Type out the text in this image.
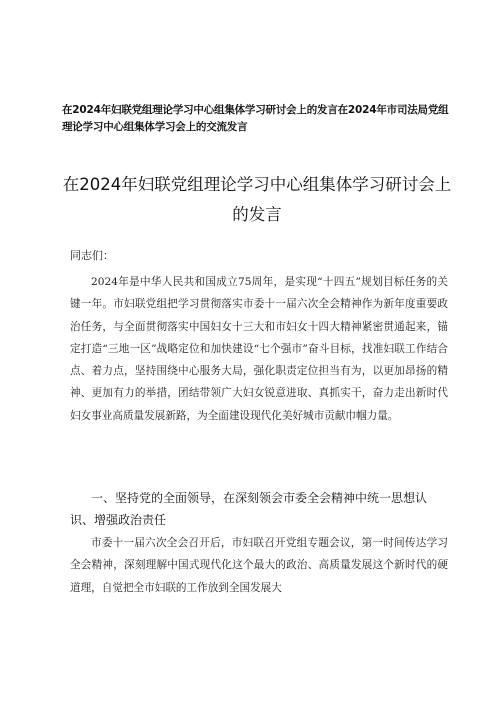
在2024年妇联党组理论学习中心组集体学习研讨会上的发言在2024年市司法局党组理论学习中心组集体学习会上的交流发言
在2024年妇联党组理论学习中心组集体学习研讨会上的发言
同志们：

2024年是中华人民共和国成立75周年，是实现“十四五”规划目标任务的关键一年。市妇联党组把学习贯彻落实市委十一届六次全会精神作为新年度重要政治任务，与全面贯彻落实中国妇女十三大和市妇女十四大精神紧密贯通起来，锚定打造“三地一区”战略定位和加快建设“七个强市”奋斗目标，找准妇联工作结合点、着力点，坚持围绕中心服务大局，强化职责定位担当有为，以更加昂扬的精神、更加有力的举措，团结带领广大妇女锐意进取、真抓实干，奋力走出新时代妇女事业高质量发展新路，为全面建设现代化美好城市贡献巾帼力量。

一、坚持党的全面领导，在深刻领会市委全会精神中统一思想认识、增强政治责任

市委十一届六次全会召开后，市妇联召开党组专题会议，第一时间传达学习全会精神，深刻理解中国式现代化这个最大的政治、高质量发展这个新时代的硬道理，自觉把全市妇联的工作放到全国发展大
